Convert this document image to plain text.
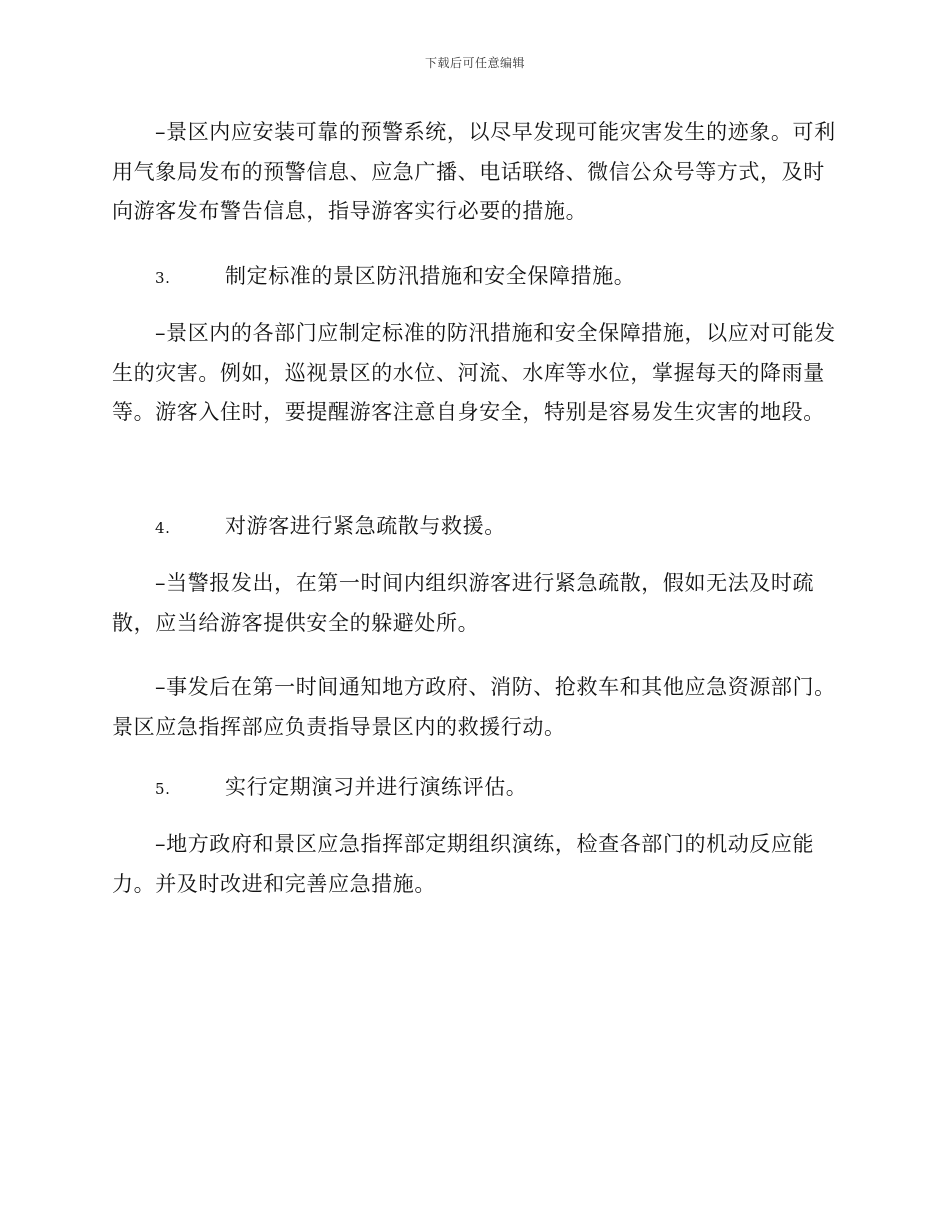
下载后可任意编辑

–景区内应安装可靠的预警系统，以尽早发现可能灾害发生的迹象。可利用气象局发布的预警信息、应急广播、电话联络、微信公众号等方式，及时向游客发布警告信息，指导游客实行必要的措施。

3.	制定标准的景区防汛措施和安全保障措施。

–景区内的各部门应制定标准的防汛措施和安全保障措施，以应对可能发生的灾害。例如，巡视景区的水位、河流、水库等水位，掌握每天的降雨量等。游客入住时，要提醒游客注意自身安全，特别是容易发生灾害的地段。

4.	对游客进行紧急疏散与救援。

–当警报发出，在第一时间内组织游客进行紧急疏散，假如无法及时疏散，应当给游客提供安全的躲避处所。

–事发后在第一时间通知地方政府、消防、抢救车和其他应急资源部门。景区应急指挥部应负责指导景区内的救援行动。

5.	实行定期演习并进行演练评估。

–地方政府和景区应急指挥部定期组织演练，检查各部门的机动反应能力。并及时改进和完善应急措施。
